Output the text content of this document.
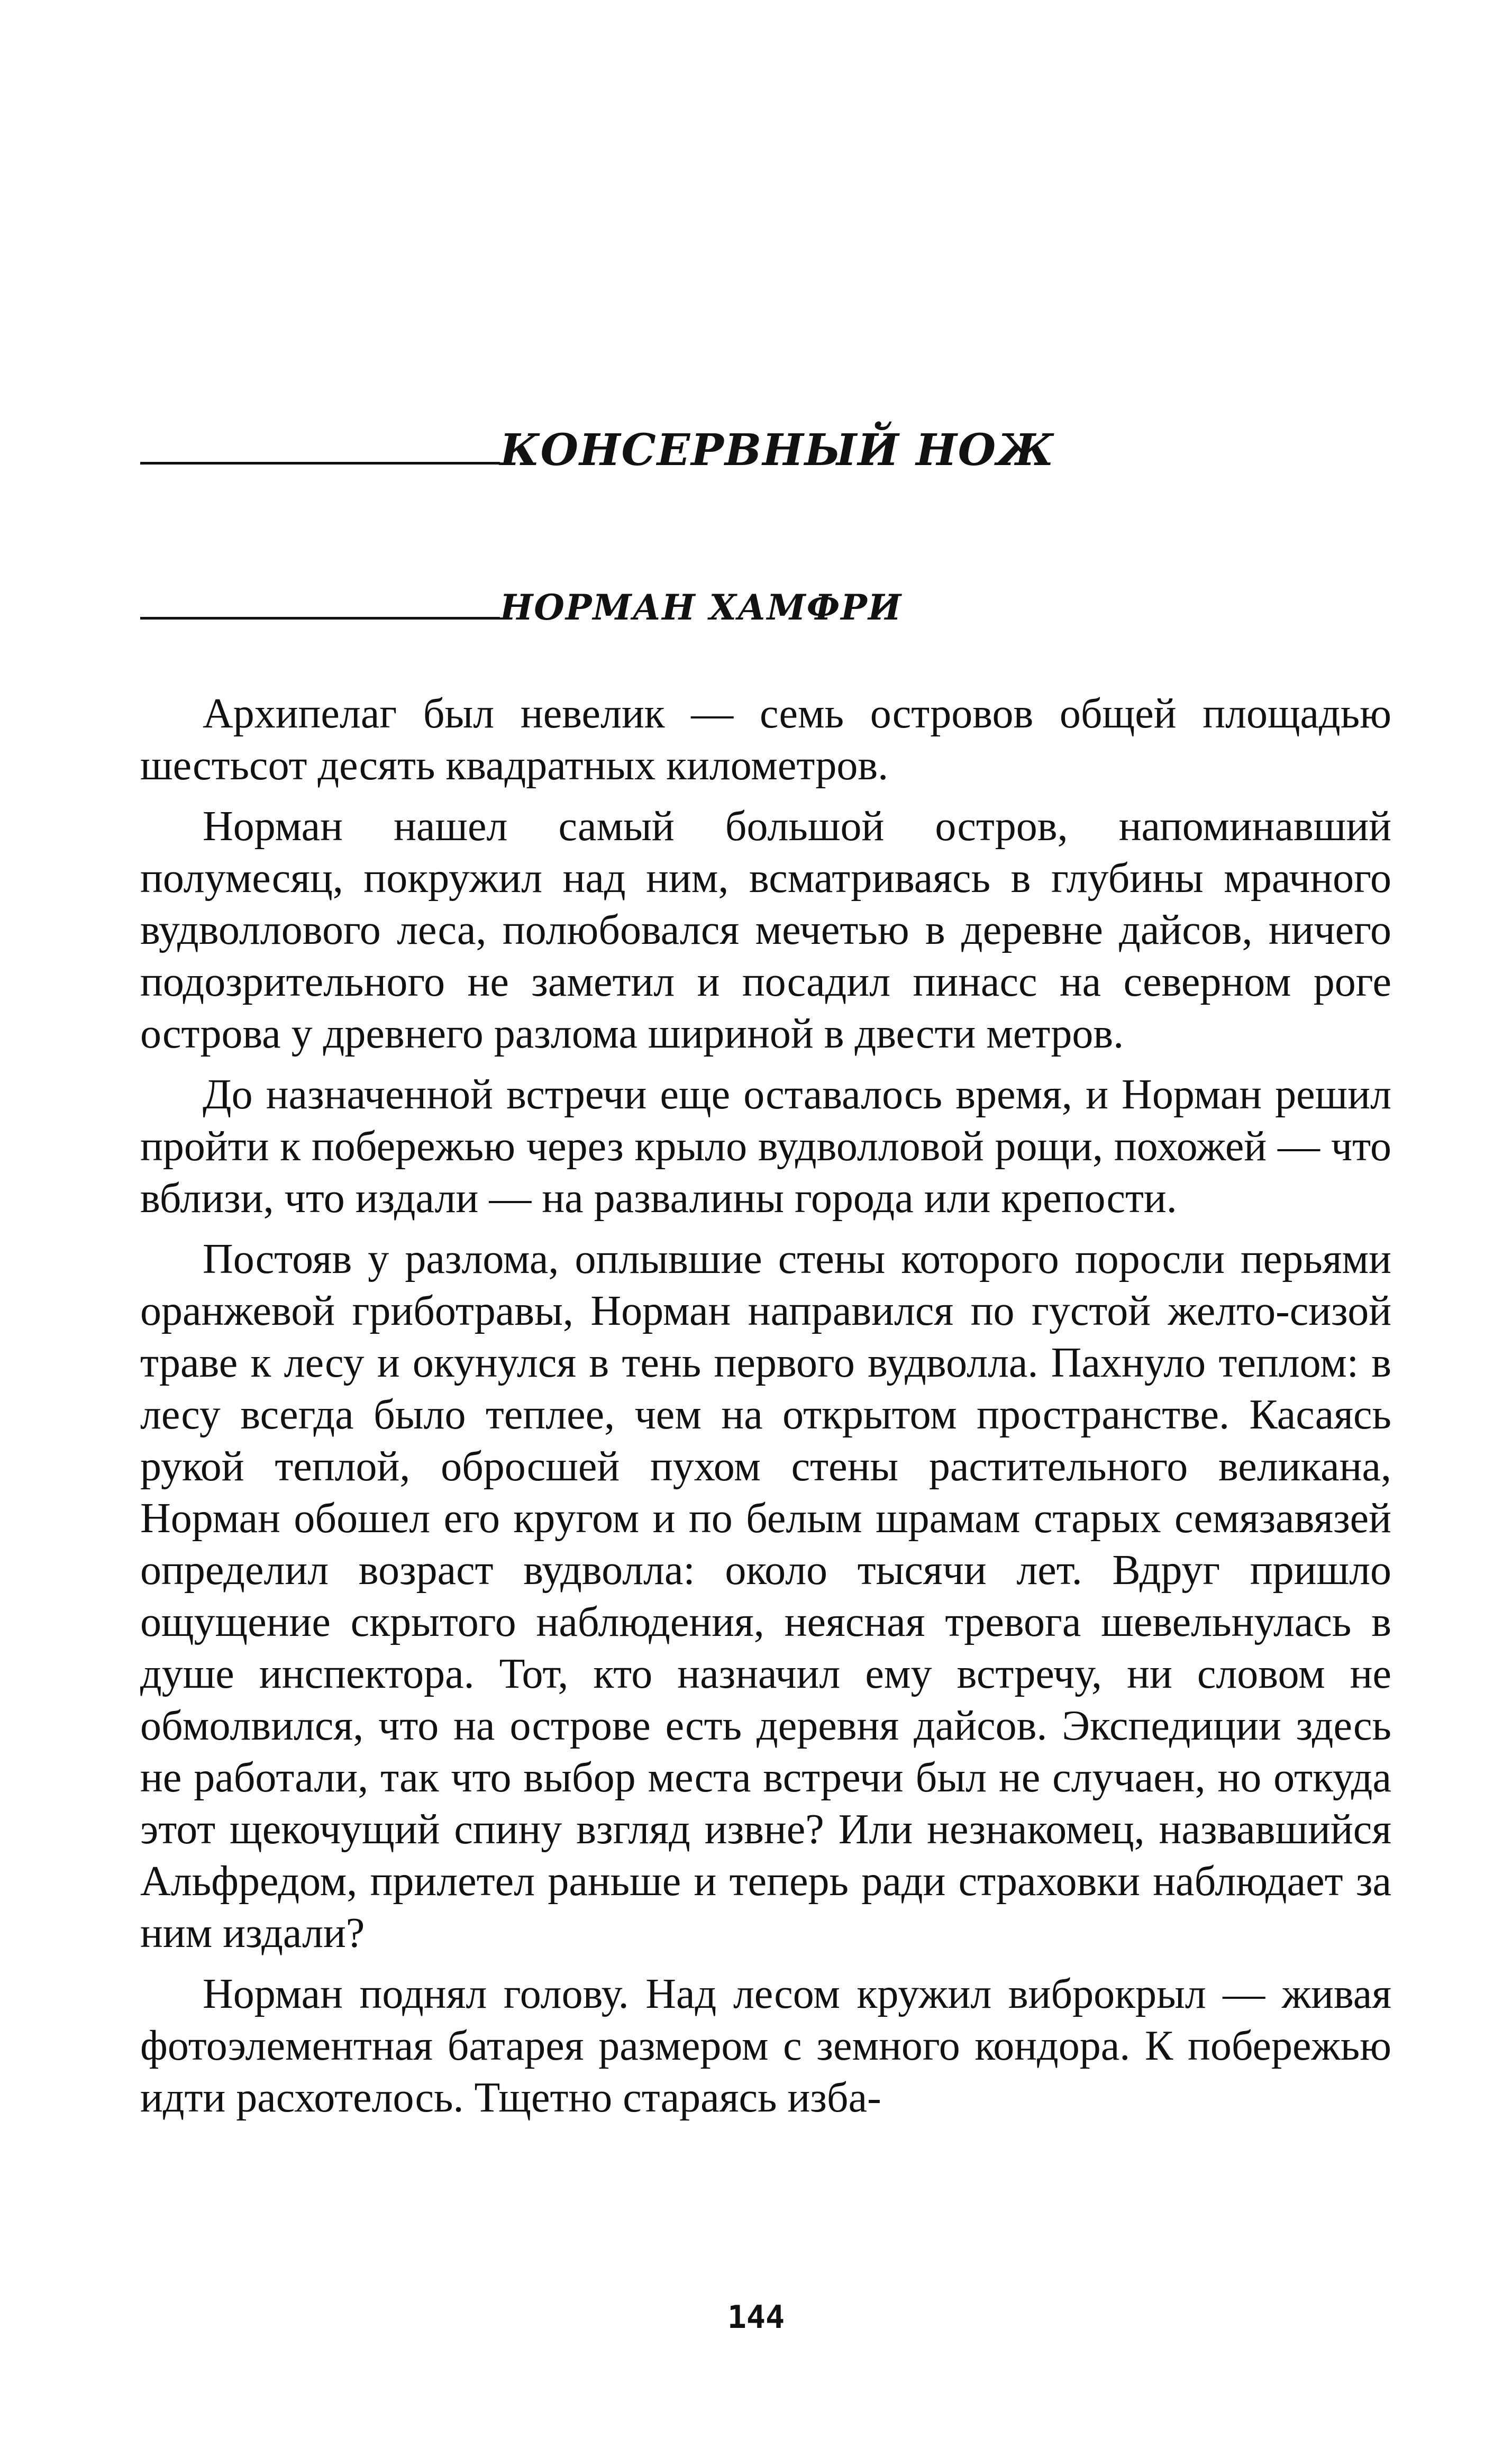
КОНСЕРВНЫЙ НОЖ
НОРМАН ХАМФРИ

Архипелаг был невелик — семь островов общей площадью шестьсот десять квадратных километров.

Норман нашел самый большой остров, напоминавший полумесяц, покружил над ним, всматриваясь в глубины мрачного вудволлового леса, полюбовался мечетью в деревне дайсов, ничего подозрительного не заметил и посадил пинасс на северном роге острова у древнего разлома шириной в двести метров.

До назначенной встречи еще оставалось время, и Норман решил пройти к побережью через крыло вудволловой рощи, похожей — что вблизи, что издали — на развалины города или крепости.

Постояв у разлома, оплывшие стены которого поросли перьями оранжевой гриботравы, Норман направился по густой желто-сизой траве к лесу и окунулся в тень первого вудволла. Пахнуло теплом: в лесу всегда было теплее, чем на открытом пространстве. Касаясь рукой теплой, обросшей пухом стены растительного великана, Норман обошел его кругом и по белым шрамам старых семязавязей определил возраст вудволла: около тысячи лет. Вдруг пришло ощущение скрытого наблюдения, неясная тревога шевельнулась в душе инспектора. Тот, кто назначил ему встречу, ни словом не обмолвился, что на острове есть деревня дайсов. Экспедиции здесь не работали, так что выбор места встречи был не случаен, но откуда этот щекочущий спину взгляд извне? Или незнакомец, назвавшийся Альфредом, прилетел раньше и теперь ради страховки наблюдает за ним издали?

Норман поднял голову. Над лесом кружил виброкрыл — живая фотоэлементная батарея размером с земного кондора. К побережью идти расхотелось. Тщетно стараясь изба-

144
